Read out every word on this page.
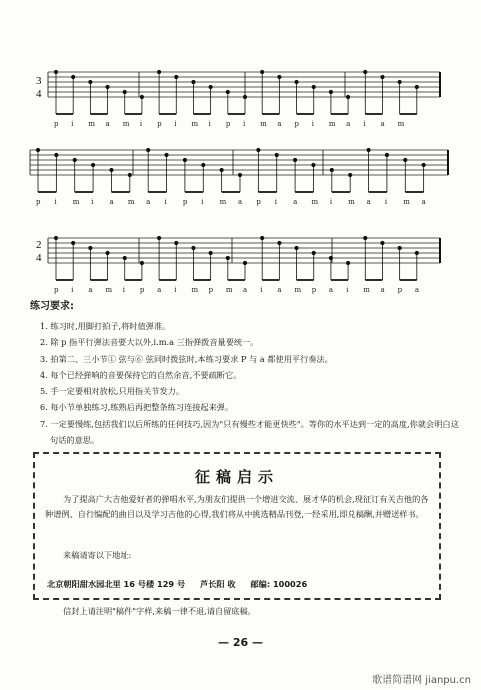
3
4
2
4
p i m a m i p i m i p i m a p i m a i a m
p i m i a m a i p i m a p i a m i m a i m a
p i a m i p a i m p m a i a m p a i m a p a
练习要求:
1. 练习时,用脚打拍子,将时值弹准。
2. 除 p 指平行弹法音要大以外,i.m.a 三指弹拨音量要统一。
3. 拍第二、三小节① 弦与⑥ 弦同时拨弦时,本练习要求 P 与 a 都使用平行奏法。
4. 每个已经弹响的音要保持它的自然余音,不要疏断它。
5. 手一定要相对放松,只用指关节发力。
6. 每小节单独练习,练熟后再把整条练习连接起来弹。
7. 一定要慢练,包括我们以后所练的任何技巧,因为"只有慢些才能更快些"。等你的水平达到一定的高度,你就会明白这句话的意思。
征稿启示
为了提高广大吉他爱好者的弹唱水平,为朋友们提供一个增进交流、展才华的机会,现征订有关吉他的各种谱例、自行编配的曲目以及学习吉他的心得,我们将从中挑选精品刊登,一经采用,即兑稿酬,并赠送样书。
来稿请寄以下地址:
北京朝阳甜水园北里 16 号楼 129 号 芦长阳 收 邮编: 100026
信封上请注明"稿件"字样,来稿一律不退,请自留底稿。
— 26 —
歌谱简谱网 jianpu.cn
